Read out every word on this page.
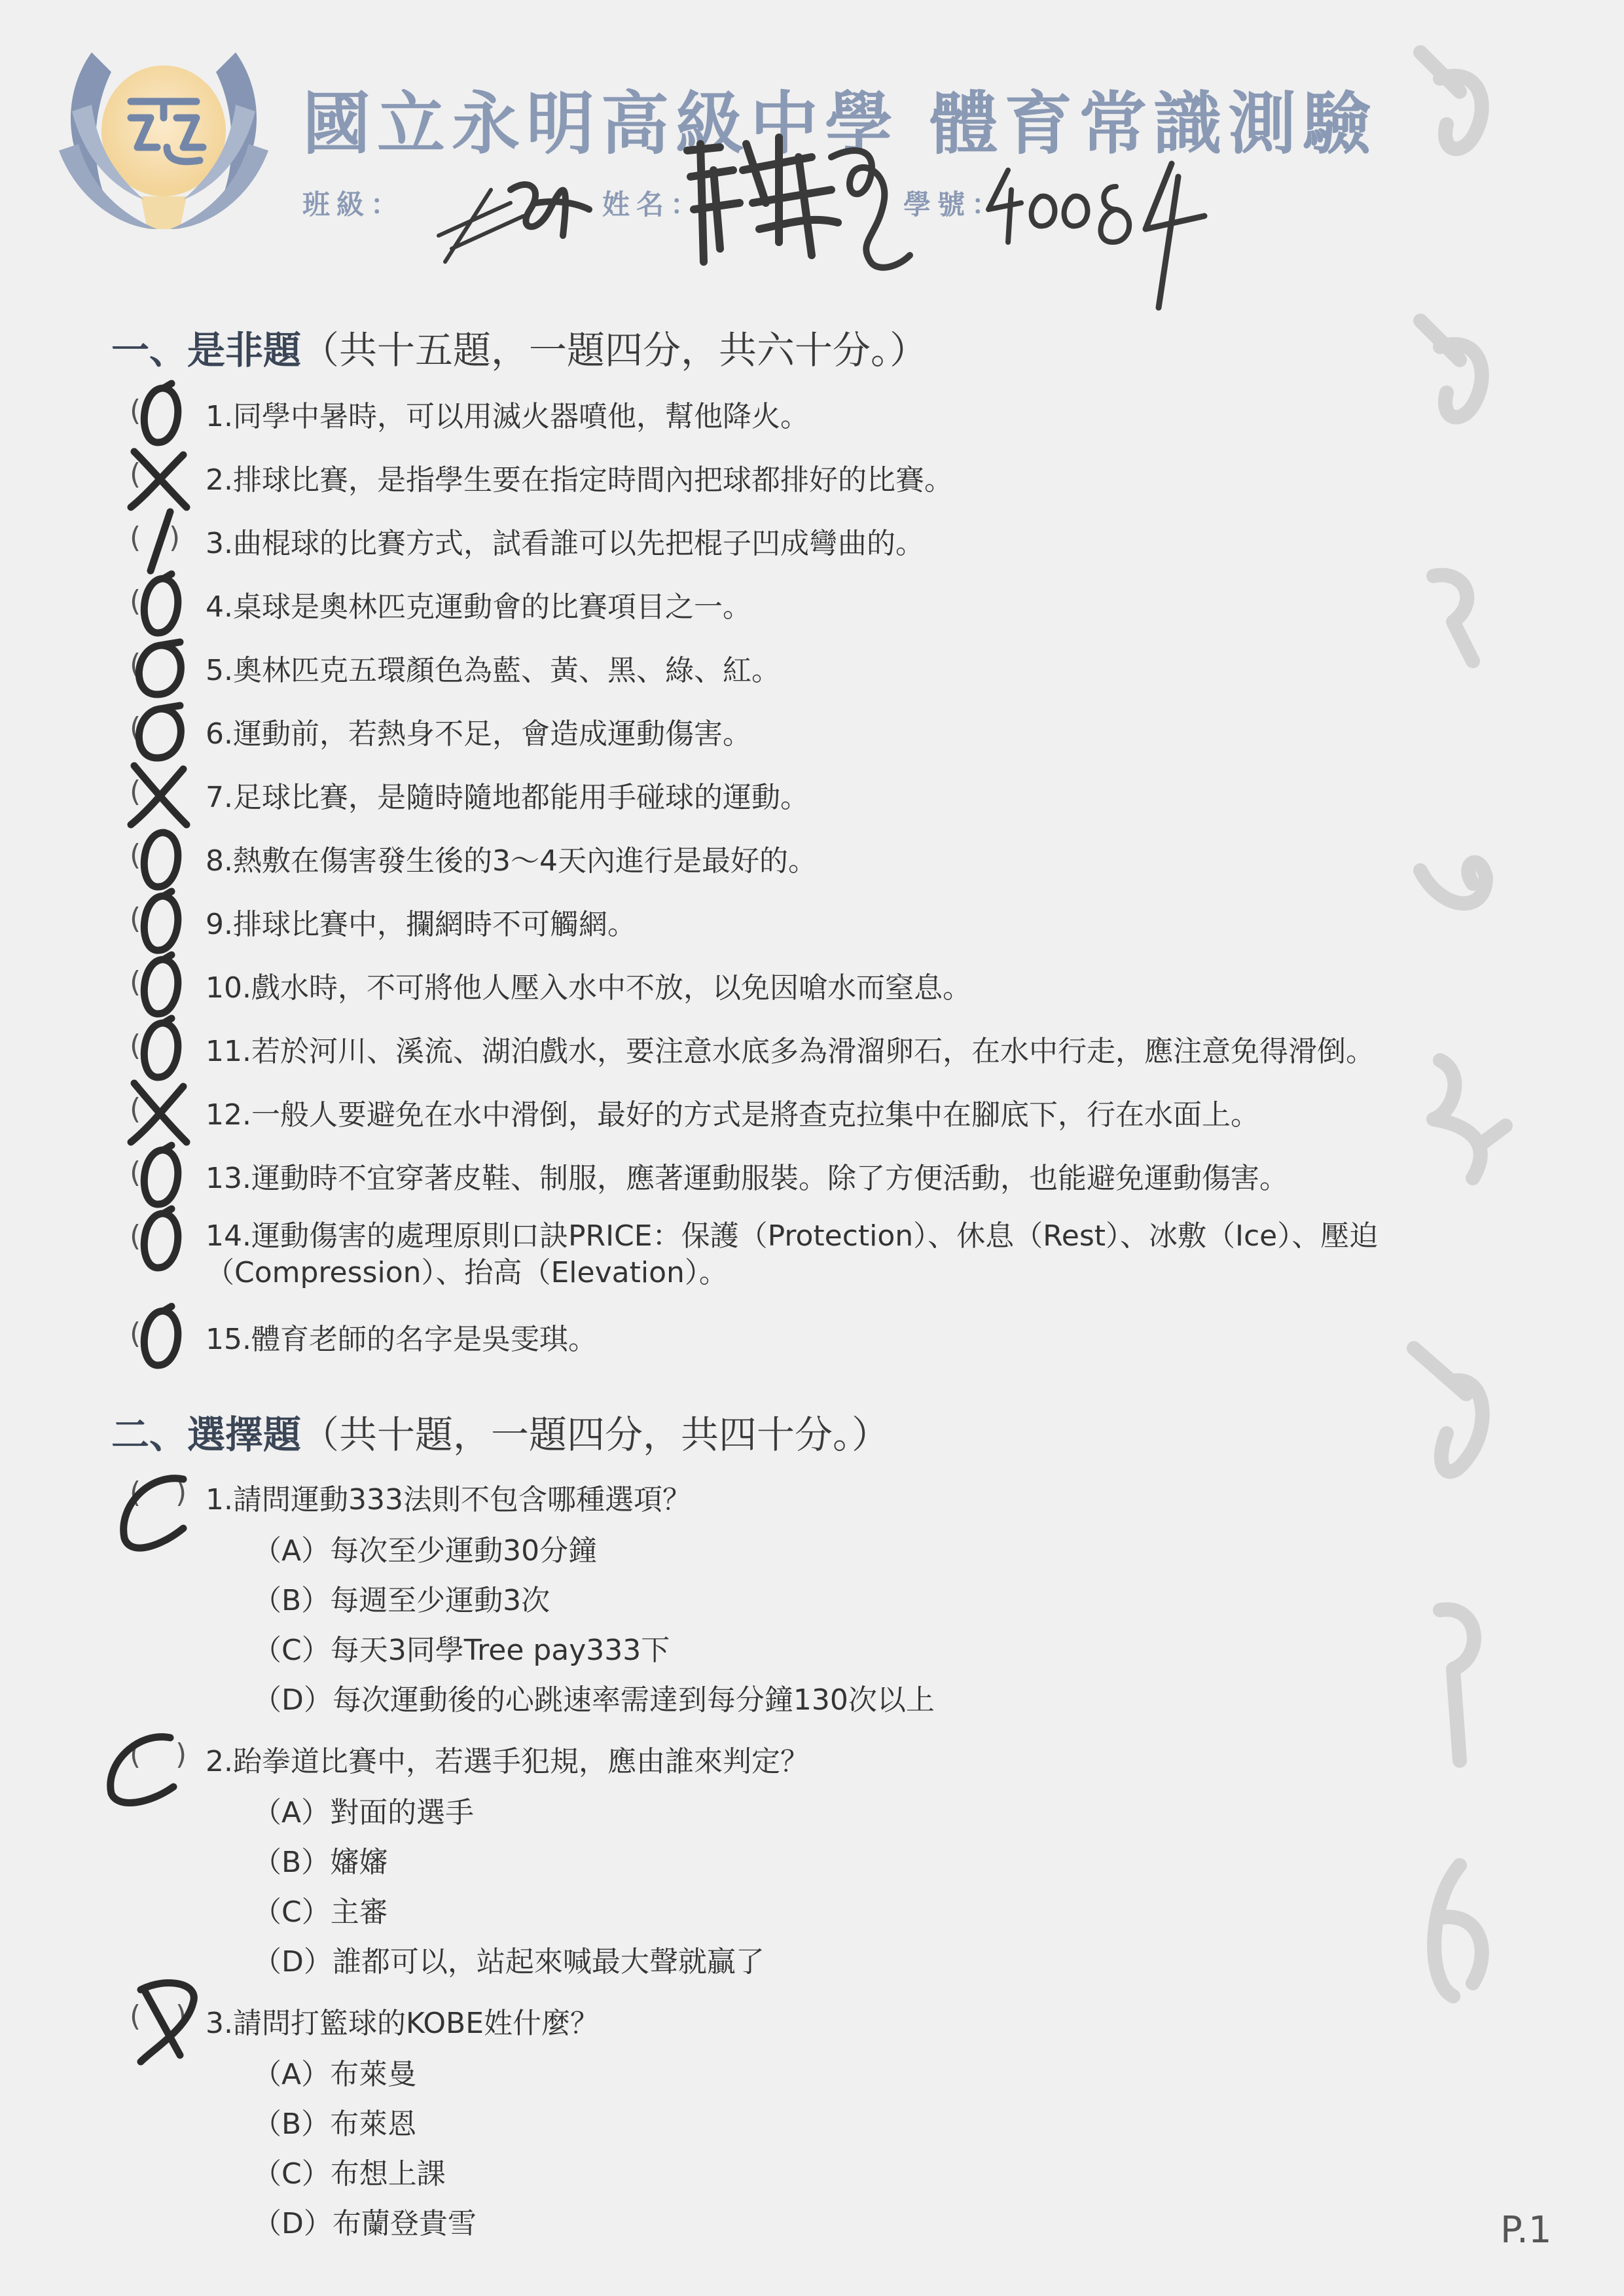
國立永明高級中學 體育常識測驗
班級：	姓名：	學號：
一、是非題（共十五題，一題四分，共六十分。）
( 1.同學中暑時，可以用滅火器噴他，幫他降火。
( 2.排球比賽，是指學生要在指定時間內把球都排好的比賽。
( ) 3.曲棍球的比賽方式，試看誰可以先把棍子凹成彎曲的。
( 4.桌球是奧林匹克運動會的比賽項目之一。
( 5.奧林匹克五環顏色為藍、黃、黑、綠、紅。
( 6.運動前，若熱身不足，會造成運動傷害。
( 7.足球比賽，是隨時隨地都能用手碰球的運動。
( 8.熱敷在傷害發生後的3～4天內進行是最好的。
( 9.排球比賽中，攔網時不可觸網。
( 10.戲水時，不可將他人壓入水中不放，以免因嗆水而窒息。
( 11.若於河川、溪流、湖泊戲水，要注意水底多為滑溜卵石，在水中行走，應注意免得滑倒。
( 12.一般人要避免在水中滑倒，最好的方式是將查克拉集中在腳底下，行在水面上。
( 13.運動時不宜穿著皮鞋、制服，應著運動服裝。除了方便活動，也能避免運動傷害。
( 14.運動傷害的處理原則口訣PRICE：保護（Protection）、休息（Rest）、冰敷（Ice）、壓迫（Compression）、抬高（Elevation）。
( 15.體育老師的名字是吳雯琪。
二、選擇題（共十題，一題四分，共四十分。）
( ) 1.請問運動333法則不包含哪種選項？
（A）每次至少運動30分鐘
（B）每週至少運動3次
（C）每天3同學Tree pay333下
（D）每次運動後的心跳速率需達到每分鐘130次以上
( ) 2.跆拳道比賽中，若選手犯規，應由誰來判定？
（A）對面的選手
（B）嬸嬸
（C）主審
（D）誰都可以，站起來喊最大聲就贏了
( ) 3.請問打籃球的KOBE姓什麼？
（A）布萊曼
（B）布萊恩
（C）布想上課
（D）布蘭登貴雪	P.1
